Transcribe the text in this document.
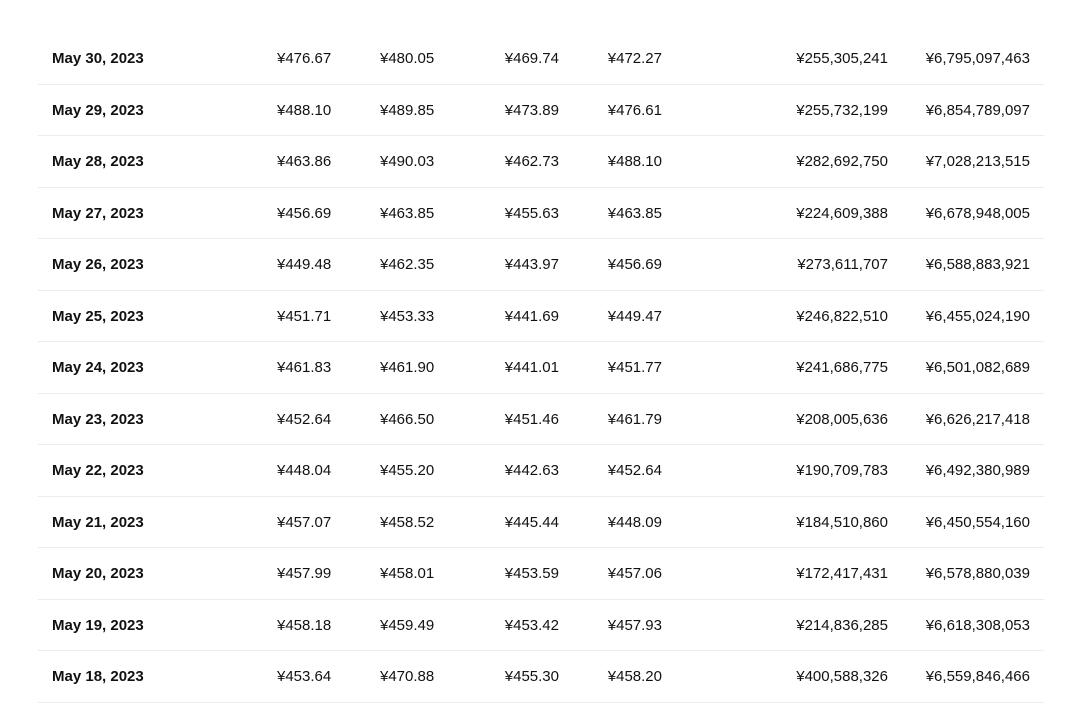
May 30, 2023	¥476.67	¥480.05	¥469.74	¥472.27	¥255,305,241	¥6,795,097,463
May 29, 2023	¥488.10	¥489.85	¥473.89	¥476.61	¥255,732,199	¥6,854,789,097
May 28, 2023	¥463.86	¥490.03	¥462.73	¥488.10	¥282,692,750	¥7,028,213,515
May 27, 2023	¥456.69	¥463.85	¥455.63	¥463.85	¥224,609,388	¥6,678,948,005
May 26, 2023	¥449.48	¥462.35	¥443.97	¥456.69	¥273,611,707	¥6,588,883,921
May 25, 2023	¥451.71	¥453.33	¥441.69	¥449.47	¥246,822,510	¥6,455,024,190
May 24, 2023	¥461.83	¥461.90	¥441.01	¥451.77	¥241,686,775	¥6,501,082,689
May 23, 2023	¥452.64	¥466.50	¥451.46	¥461.79	¥208,005,636	¥6,626,217,418
May 22, 2023	¥448.04	¥455.20	¥442.63	¥452.64	¥190,709,783	¥6,492,380,989
May 21, 2023	¥457.07	¥458.52	¥445.44	¥448.09	¥184,510,860	¥6,450,554,160
May 20, 2023	¥457.99	¥458.01	¥453.59	¥457.06	¥172,417,431	¥6,578,880,039
May 19, 2023	¥458.18	¥459.49	¥453.42	¥457.93	¥214,836,285	¥6,618,308,053
May 18, 2023	¥453.64	¥470.88	¥455.30	¥458.20	¥400,588,326	¥6,559,846,466
